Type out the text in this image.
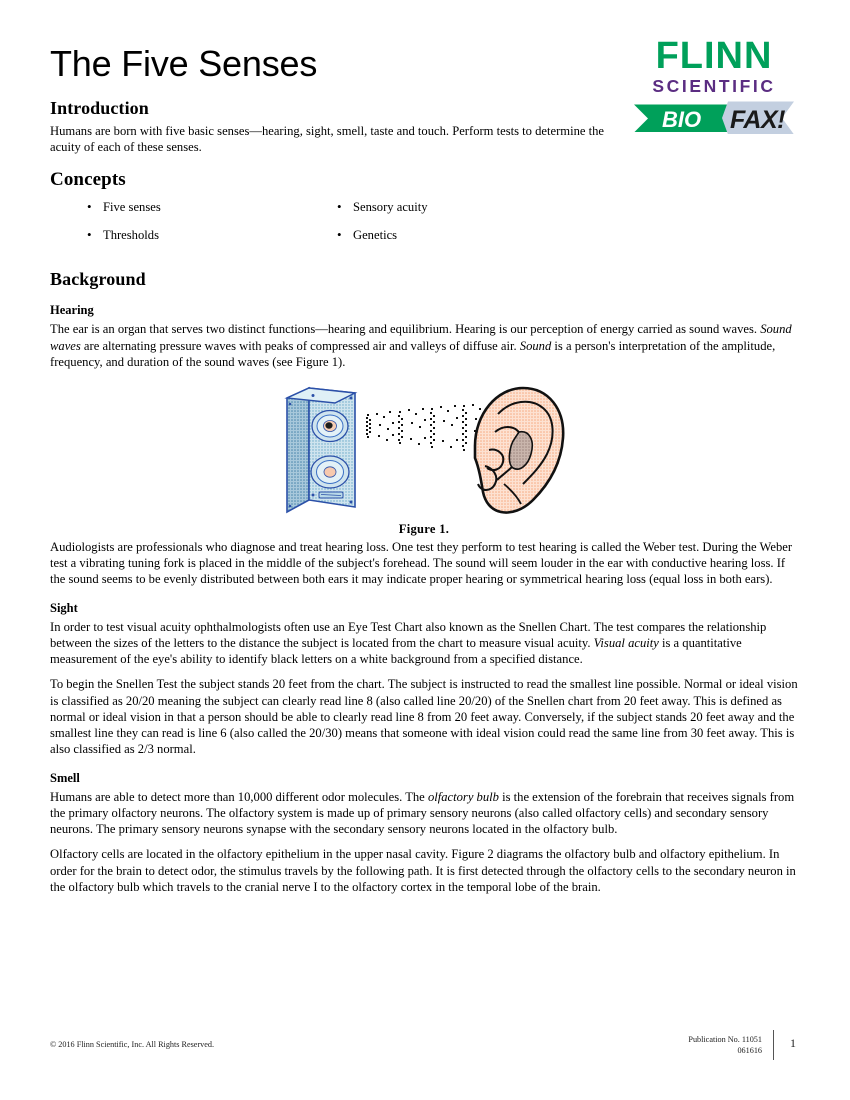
FLINN
SCIENTIFIC
BIO FAX!
The Five Senses
Introduction

Humans are born with five basic senses—hearing, sight, smell, taste and touch. Perform tests to determine the acuity of each of these senses.

Concepts
• Five senses	• Sensory acuity
• Thresholds	• Genetics
Background
Hearing

The ear is an organ that serves two distinct functions—hearing and equilibrium. Hearing is our perception of energy carried as sound waves. Sound waves are alternating pressure waves with peaks of compressed air and valleys of diffuse air. Sound is a person's interpretation of the amplitude, frequency, and duration of the sound waves (see Figure 1).

Figure 1.

Audiologists are professionals who diagnose and treat hearing loss. One test they perform to test hearing is called the Weber test. During the Weber test a vibrating tuning fork is placed in the middle of the subject's forehead. The sound will seem louder in the ear with conductive hearing loss. If the sound seems to be evenly distributed between both ears it may indicate proper hearing or symmetrical hearing loss (equal loss in both ears).

Sight

In order to test visual acuity ophthalmologists often use an Eye Test Chart also known as the Snellen Chart. The test compares the relationship between the sizes of the letters to the distance the subject is located from the chart to measure visual acuity. Visual acuity is a quantitative measurement of the eye's ability to identify black letters on a white background from a specified distance.

To begin the Snellen Test the subject stands 20 feet from the chart. The subject is instructed to read the smallest line possible. Normal or ideal vision is classified as 20/20 meaning the subject can clearly read line 8 (also called line 20/20) of the Snellen chart from 20 feet away. This is defined as normal or ideal vision in that a person should be able to clearly read line 8 from 20 feet away. Conversely, if the subject stands 20 feet away and the smallest line they can read is line 6 (also called the 20/30) means that someone with ideal vision could read the same line from 30 feet away. This is also classified as 2/3 normal.

Smell

Humans are able to detect more than 10,000 different odor molecules. The olfactory bulb is the extension of the forebrain that receives signals from the primary olfactory neurons. The olfactory system is made up of primary sensory neurons (also called olfactory cells) and secondary sensory neurons. The primary sensory neurons synapse with the secondary sensory neurons located in the olfactory bulb.

Olfactory cells are located in the olfactory epithelium in the upper nasal cavity. Figure 2 diagrams the olfactory bulb and olfactory epithelium. In order for the brain to detect odor, the stimulus travels by the following path. It is first detected through the olfactory cells to the secondary neuron in the olfactory bulb which travels to the cranial nerve I to the olfactory cortex in the temporal lobe of the brain.

© 2016 Flinn Scientific, Inc. All Rights Reserved.
Publication No. 11051
061616
1
